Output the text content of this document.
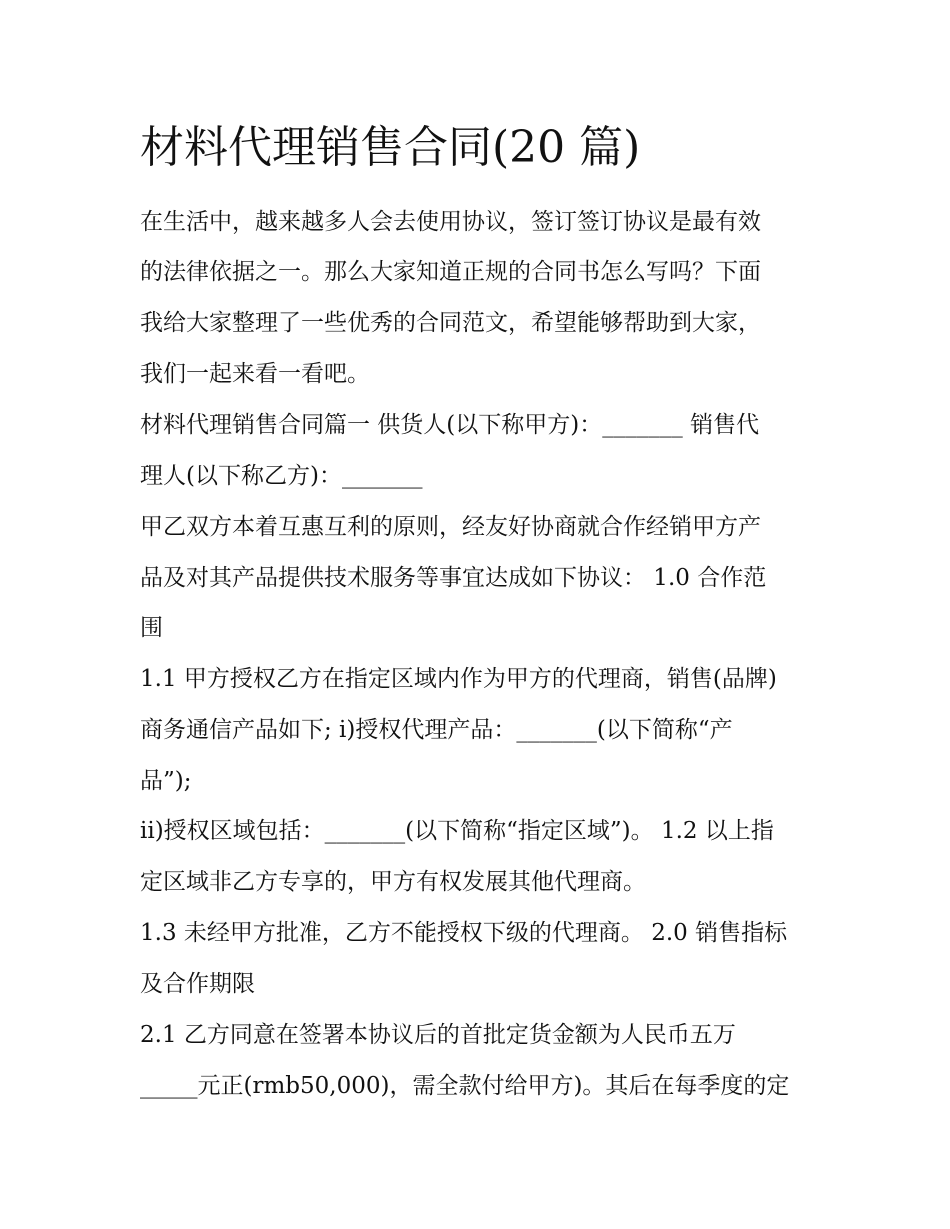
材料代理销售合同(20 篇)

在生活中，越来越多人会去使用协议，签订签订协议是最有效

的法律依据之一。那么大家知道正规的合同书怎么写吗？下面

我给大家整理了一些优秀的合同范文，希望能够帮助到大家，

我们一起来看一看吧。

材料代理销售合同篇一 供货人(以下称甲方)：_______ 销售代

理人(以下称乙方)：_______

甲乙双方本着互惠互利的原则，经友好协商就合作经销甲方产

品及对其产品提供技术服务等事宜达成如下协议： 1.0 合作范

围

1.1 甲方授权乙方在指定区域内作为甲方的代理商，销售(品牌)

商务通信产品如下; i)授权代理产品：_______(以下简称“产

品”);

ii)授权区域包括：_______(以下简称“指定区域”)。 1.2 以上指

定区域非乙方专享的，甲方有权发展其他代理商。

1.3 未经甲方批准，乙方不能授权下级的代理商。 2.0 销售指标

及合作期限

2.1 乙方同意在签署本协议后的首批定货金额为人民币五万

_____元正(rmb50,000)，需全款付给甲方)。其后在每季度的定
